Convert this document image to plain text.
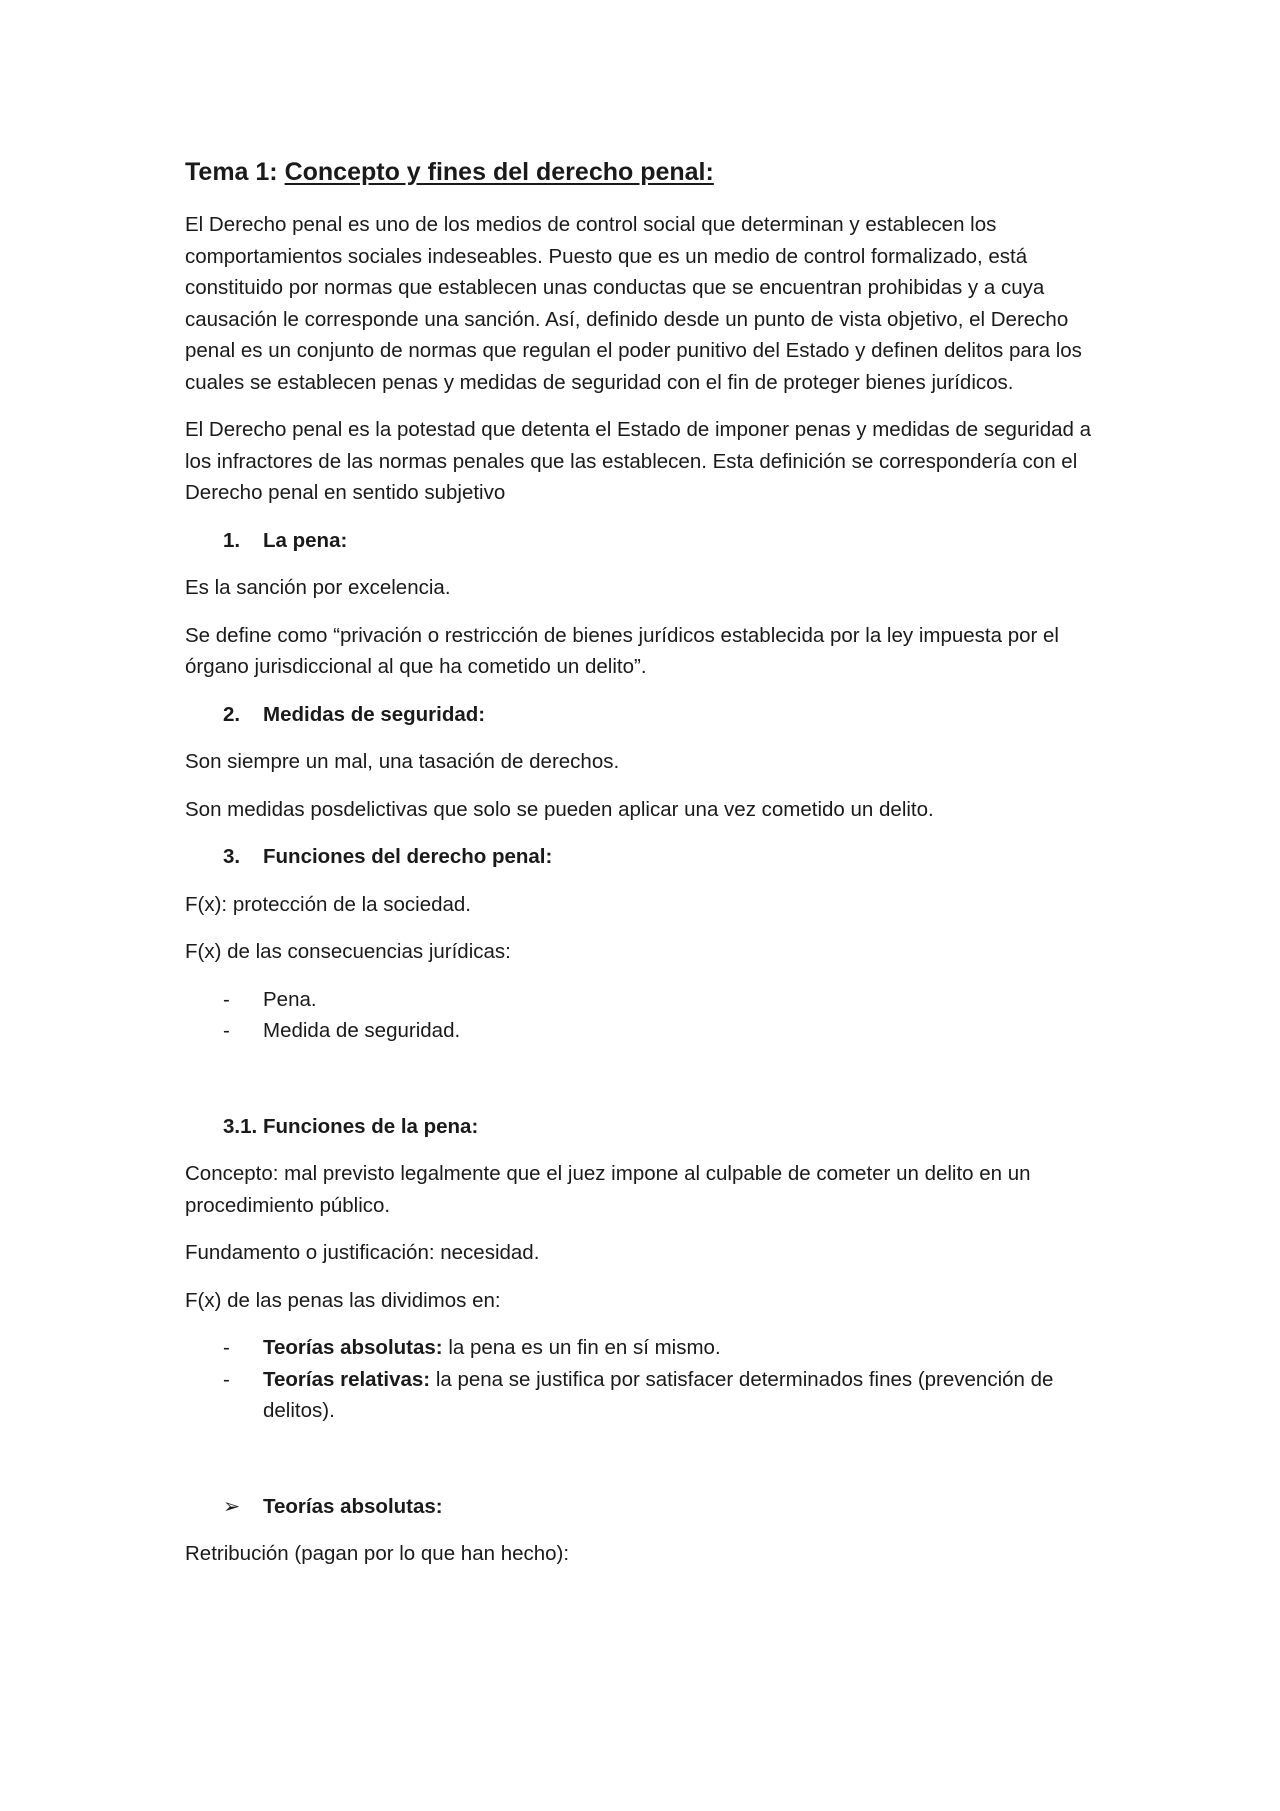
Tema 1: Concepto y fines del derecho penal:

El Derecho penal es uno de los medios de control social que determinan y establecen los comportamientos sociales indeseables. Puesto que es un medio de control formalizado, está constituido por normas que establecen unas conductas que se encuentran prohibidas y a cuya causación le corresponde una sanción. Así, definido desde un punto de vista objetivo, el Derecho penal es un conjunto de normas que regulan el poder punitivo del Estado y definen delitos para los cuales se establecen penas y medidas de seguridad con el fin de proteger bienes jurídicos.

El Derecho penal es la potestad que detenta el Estado de imponer penas y medidas de seguridad a los infractores de las normas penales que las establecen. Esta definición se correspondería con el Derecho penal en sentido subjetivo

1.	La pena:

Es la sanción por excelencia.

Se define como “privación o restricción de bienes jurídicos establecida por la ley impuesta por el órgano jurisdiccional al que ha cometido un delito”.

2.	Medidas de seguridad:

Son siempre un mal, una tasación de derechos.

Son medidas posdelictivas que solo se pueden aplicar una vez cometido un delito.

3.	Funciones del derecho penal:

F(x): protección de la sociedad.

F(x) de las consecuencias jurídicas:

-	Pena.
-	Medida de seguridad.
3.1. Funciones de la pena:

Concepto: mal previsto legalmente que el juez impone al culpable de cometer un delito en un procedimiento público.

Fundamento o justificación: necesidad.

F(x) de las penas las dividimos en:

-	Teorías absolutas: la pena es un fin en sí mismo.
-	Teorías relativas: la pena se justifica por satisfacer determinados fines (prevención de delitos).
➢	Teorías absolutas:

Retribución (pagan por lo que han hecho):
